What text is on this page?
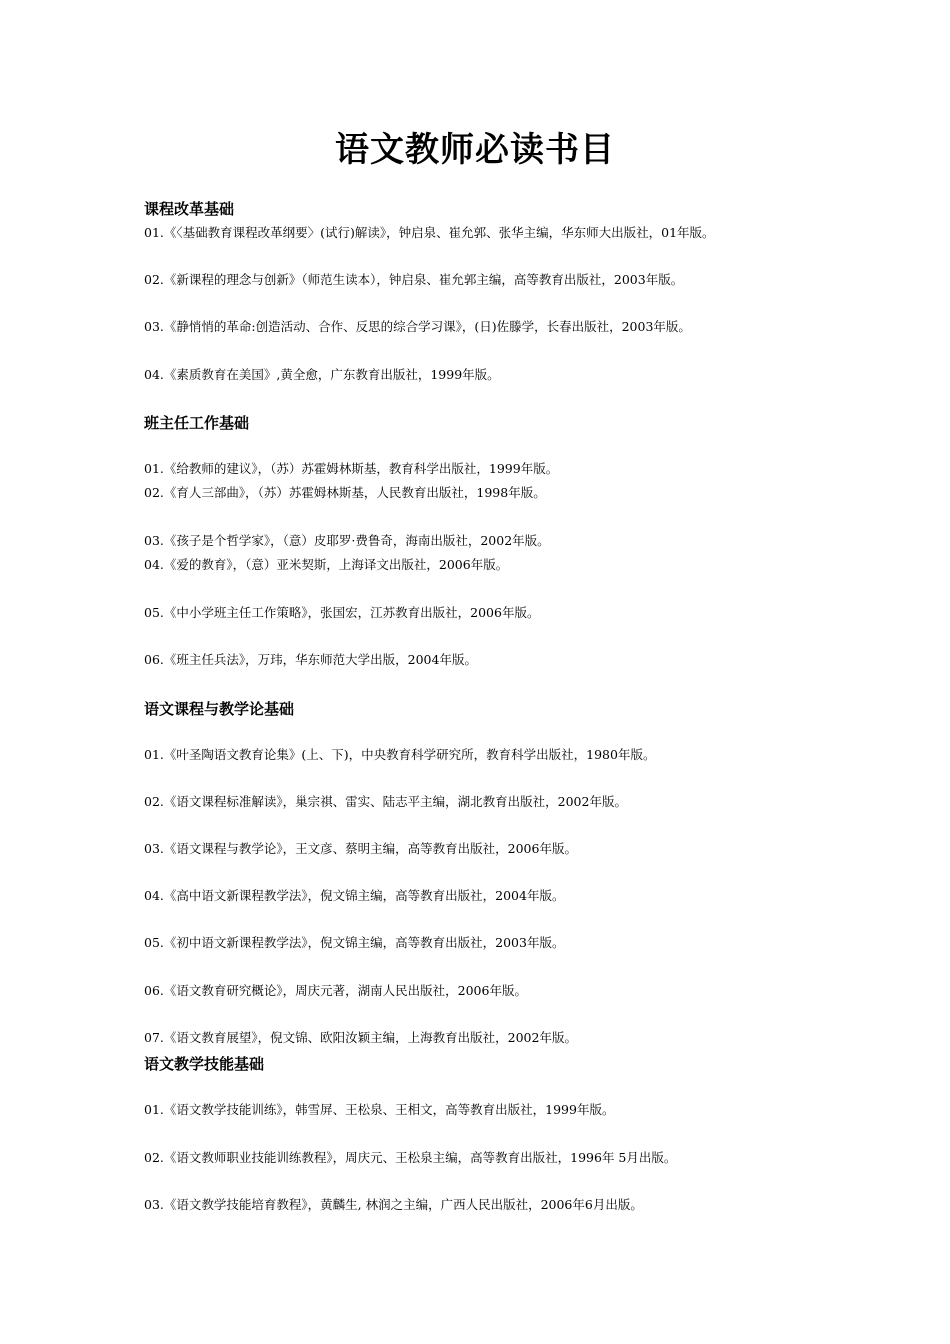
语文教师必读书目
课程改革基础
01.《〈基础教育课程改革纲要〉(试行)解读》，钟启泉、崔允郭、张华主编，华东师大出版社，01年版。
02.《新课程的理念与创新》（师范生读本），钟启泉、崔允郭主编，高等教育出版社，2003年版。
03.《静悄悄的革命:创造活动、合作、反思的综合学习课》，(日)佐滕学，长春出版社，2003年版。
04.《素质教育在美国》,黄全愈，广东教育出版社，1999年版。
班主任工作基础
01.《给教师的建议》，（苏）苏霍姆林斯基，教育科学出版社，1999年版。
02.《育人三部曲》，（苏）苏霍姆林斯基，人民教育出版社，1998年版。
03.《孩子是个哲学家》，（意）皮耶罗·费鲁奇，海南出版社，2002年版。
04.《爱的教育》，（意）亚米契斯，上海译文出版社，2006年版。
05.《中小学班主任工作策略》，张国宏，江苏教育出版社，2006年版。
06.《班主任兵法》，万玮，华东师范大学出版，2004年版。
语文课程与教学论基础
01.《叶圣陶语文教育论集》(上、下)，中央教育科学研究所，教育科学出版社，1980年版。
02.《语文课程标准解读》，巢宗祺、雷实、陆志平主编，湖北教育出版社，2002年版。
03.《语文课程与教学论》，王文彦、蔡明主编，高等教育出版社，2006年版。
04.《高中语文新课程教学法》，倪文锦主编，高等教育出版社，2004年版。
05.《初中语文新课程教学法》，倪文锦主编，高等教育出版社，2003年版。
06.《语文教育研究概论》，周庆元著，湖南人民出版社，2006年版。
07.《语文教育展望》，倪文锦、欧阳汝颖主编，上海教育出版社，2002年版。
语文教学技能基础
01.《语文教学技能训练》，韩雪屏、王松泉、王相文，高等教育出版社，1999年版。
02.《语文教师职业技能训练教程》，周庆元、王松泉主编，高等教育出版社，1996年 5月出版。
03.《语文教学技能培育教程》，黄麟生, 林润之主编，广西人民出版社，2006年6月出版。
